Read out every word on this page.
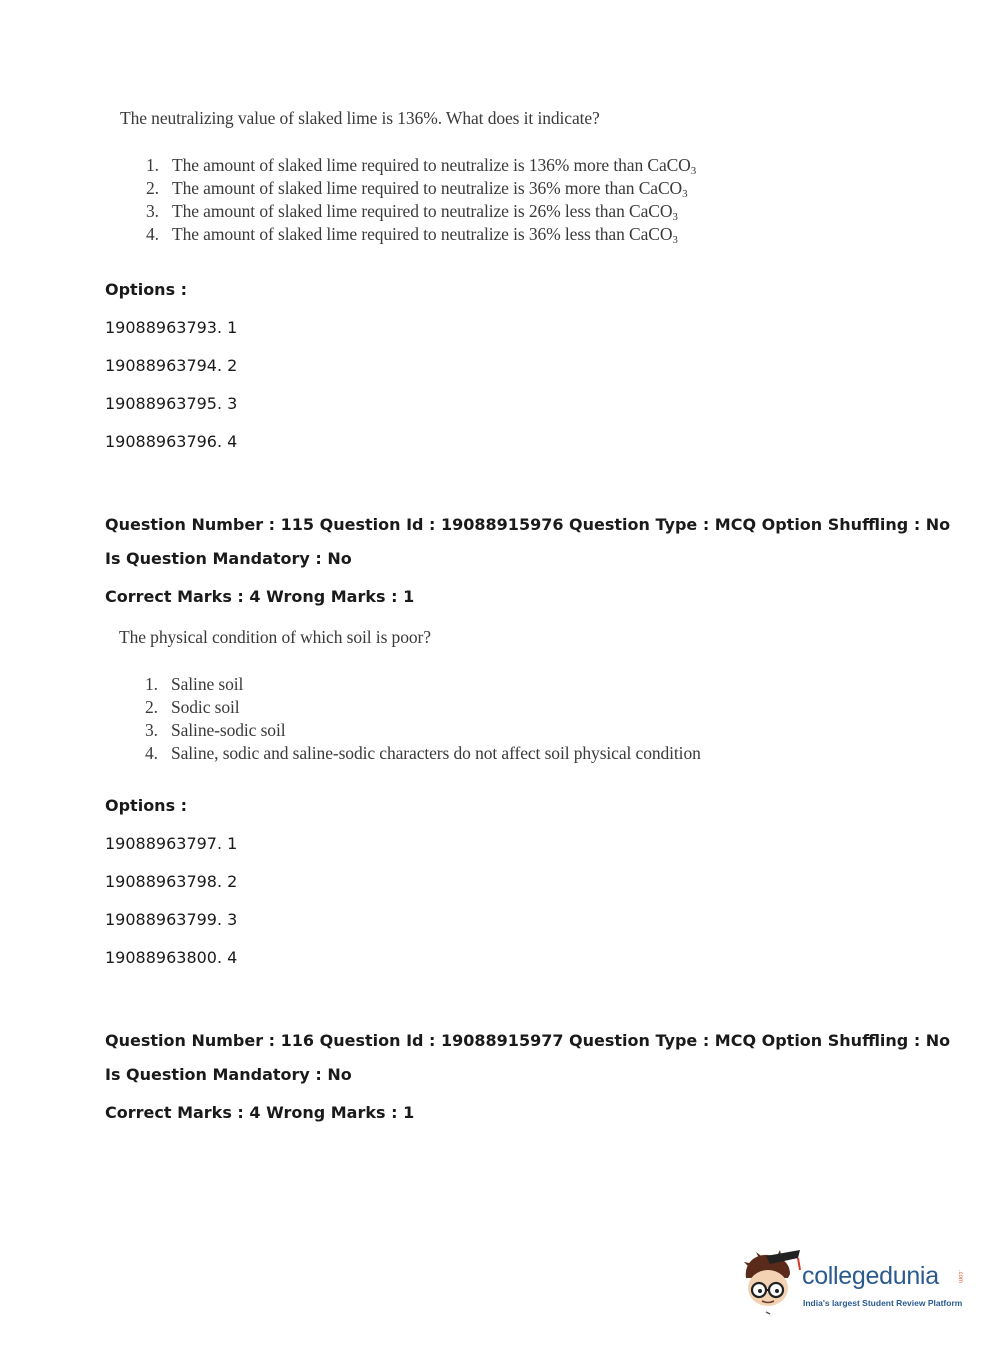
The neutralizing value of slaked lime is 136%. What does it indicate?
1. The amount of slaked lime required to neutralize is 136% more than CaCO$_3$
2. The amount of slaked lime required to neutralize is 36% more than CaCO$_3$
3. The amount of slaked lime required to neutralize is 26% less than CaCO$_3$
4. The amount of slaked lime required to neutralize is 36% less than CaCO$_3$
Options :
19088963793. 1
19088963794. 2
19088963795. 3
19088963796. 4
Question Number : 115 Question Id : 19088915976 Question Type : MCQ Option Shuffling : No
Is Question Mandatory : No
Correct Marks : 4 Wrong Marks : 1
The physical condition of which soil is poor?
1. Saline soil
2. Sodic soil
3. Saline-sodic soil
4. Saline, sodic and saline-sodic characters do not affect soil physical condition
Options :
19088963797. 1
19088963798. 2
19088963799. 3
19088963800. 4
Question Number : 116 Question Id : 19088915977 Question Type : MCQ Option Shuffling : No
Is Question Mandatory : No
Correct Marks : 4 Wrong Marks : 1
collegedunia	.com
India's largest Student Review Platform
